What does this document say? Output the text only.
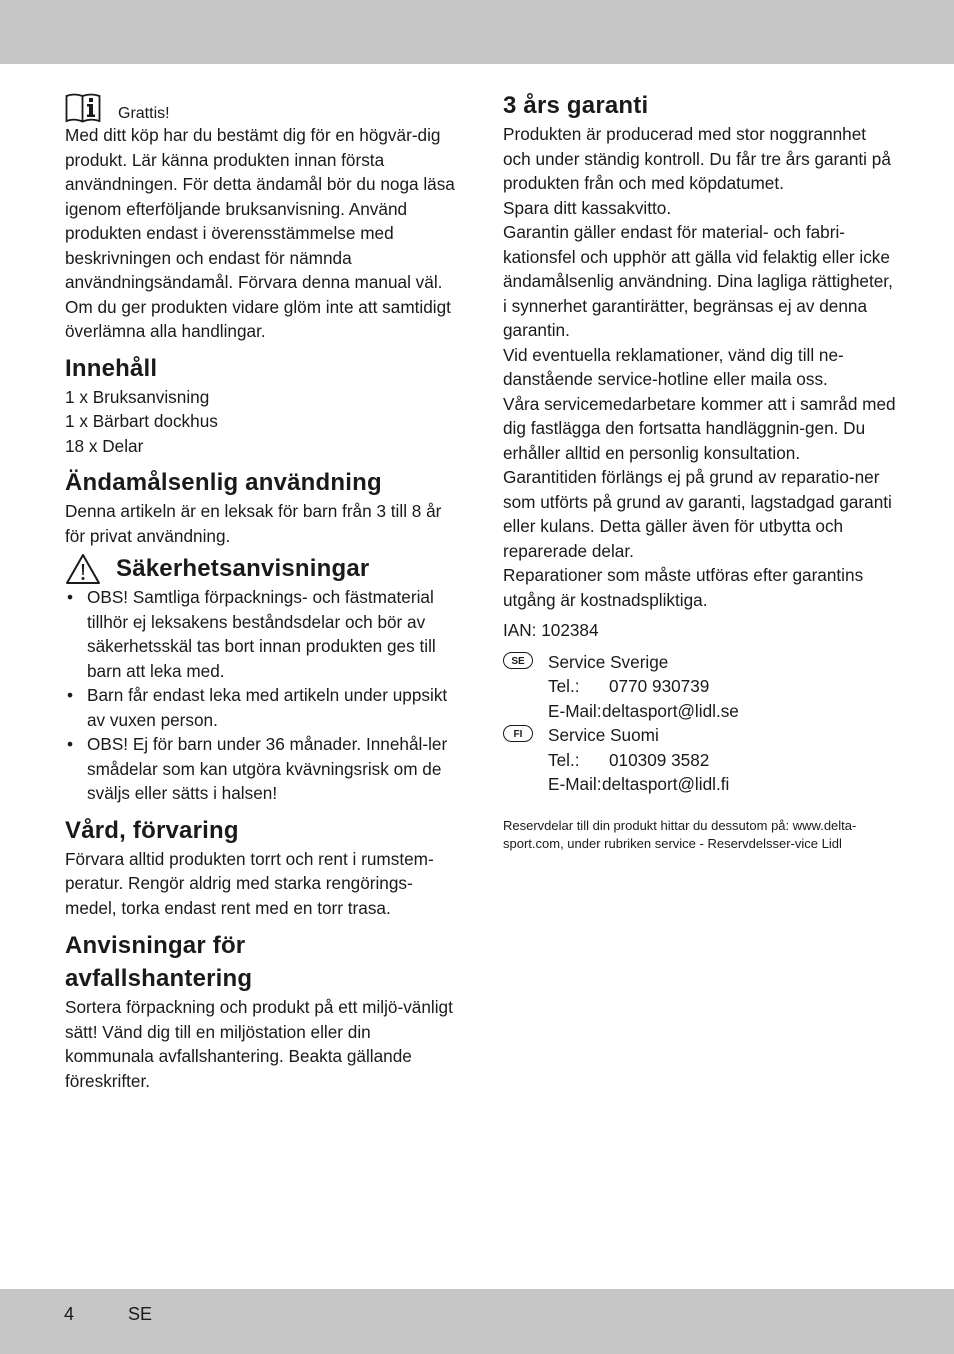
Grattis!

Med ditt köp har du bestämt dig för en högvär-dig produkt. Lär känna produkten innan första användningen. För detta ändamål bör du noga läsa igenom efterföljande bruksanvisning. Använd produkten endast i överensstämmelse med beskrivningen och endast för nämnda användningsändamål. Förvara denna manual väl. Om du ger produkten vidare glöm inte att samtidigt överlämna alla handlingar.

Innehåll
1 x Bruksanvisning
1 x Bärbart dockhus
18 x Delar
Ändamålsenlig användning

Denna artikeln är en leksak för barn från 3 till 8 år för privat användning.

Säkerhetsanvisningar
• OBS! Samtliga förpacknings- och fästmaterial tillhör ej leksakens beståndsdelar och bör av säkerhetsskäl tas bort innan produkten ges till barn att leka med.
• Barn får endast leka med artikeln under uppsikt av vuxen person.
• OBS! Ej för barn under 36 månader. Innehål-ler smådelar som kan utgöra kvävningsrisk om de sväljs eller sätts i halsen!
Vård, förvaring

Förvara alltid produkten torrt och rent i rumstem-peratur. Rengör aldrig med starka rengörings-medel, torka endast rent med en torr trasa.

Anvisningar för avfallshantering

Sortera förpackning och produkt på ett miljö-vänligt sätt! Vänd dig till en miljöstation eller din kommunala avfallshantering. Beakta gällande föreskrifter.

3 års garanti

Produkten är producerad med stor noggrannhet och under ständig kontroll. Du får tre års garanti på produkten från och med köpdatumet.

Spara ditt kassakvitto.

Garantin gäller endast för material- och fabri-kationsfel och upphör att gälla vid felaktig eller icke ändamålsenlig användning. Dina lagliga rättigheter, i synnerhet garantirätter, begränsas ej av denna garantin.

Vid eventuella reklamationer, vänd dig till ne-danstående service-hotline eller maila oss.

Våra servicemedarbetare kommer att i samråd med dig fastlägga den fortsatta handläggnin-gen. Du erhåller alltid en personlig konsultation.

Garantitiden förlängs ej på grund av reparatio-ner som utförts på grund av garanti, lagstadgad garanti eller kulans. Detta gäller även för utbytta och reparerade delar.

Reparationer som måste utföras efter garantins utgång är kostnadspliktiga.

IAN: 102384

SE	Service Sverige
Tel.: 0770 930739
E-Mail: deltasport@lidl.se
FI	Service Suomi
Tel.: 010309 3582
E-Mail: deltasport@lidl.fi

Reservdelar till din produkt hittar du dessutom på: www.delta-sport.com, under rubriken service - Reservdelsser-vice Lidl

4	SE
